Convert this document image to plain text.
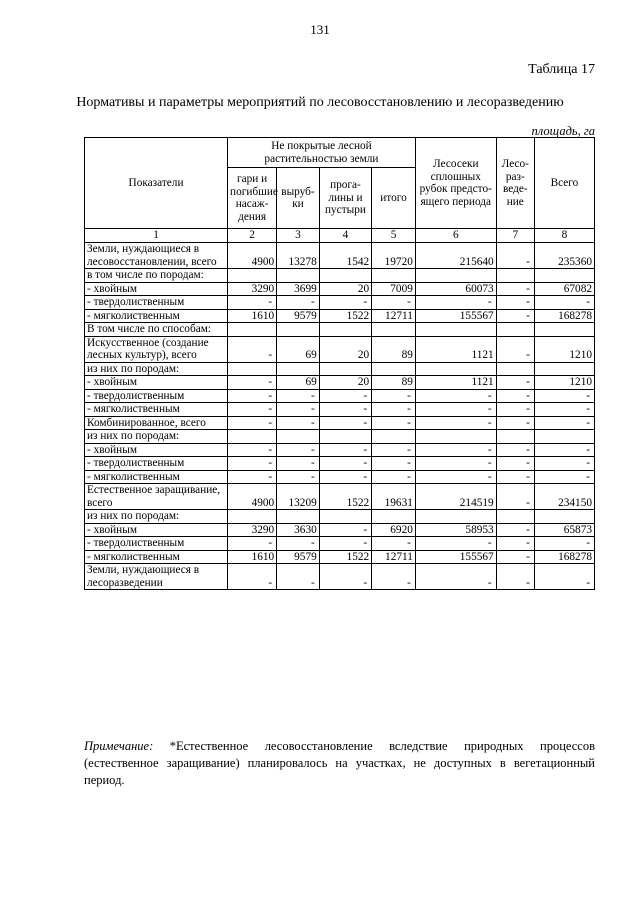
131
Таблица 17
Нормативы и параметры мероприятий по лесовосстановлению и лесоразведению
площадь, га
Показатели	Не покрытые лесной растительностью земли				Лесосеки сплошных рубок предсто-ящего периода	Лесо-раз-веде-ние	Всего
	гари и погибшие насаж-дения	выруб-ки	прога-лины и пустыри	итого			
1	2	3	4	5	6	7	8
Земли, нуждающиеся в лесовосстановлении, всего	4900	13278	1542	19720	215640	-	235360
в том числе по породам:							
- хвойным	3290	3699	20	7009	60073	-	67082
- твердолиственным	-	-	-	-	-	-	-
- мягколиственным	1610	9579	1522	12711	155567	-	168278
В том числе по способам:							
Искусственное (создание лесных культур), всего	-	69	20	89	1121	-	1210
из них по породам:							
- хвойным	-	69	20	89	1121	-	1210
- твердолиственным	-	-	-	-	-	-	-
- мягколиственным	-	-	-	-	-	-	-
Комбинированное, всего	-	-	-	-	-	-	-
из них по породам:							
- хвойным	-	-	-	-	-	-	-
- твердолиственным	-	-	-	-	-	-	-
- мягколиственным	-	-	-	-	-	-	-
Естественное заращивание, всего	4900	13209	1522	19631	214519	-	234150
из них по породам:							
- хвойным	3290	3630	-	6920	58953	-	65873
- твердолиственным	-	-	-	-	-	-	-
- мягколиственным	1610	9579	1522	12711	155567	-	168278
Земли, нуждающиеся в лесоразведении	-	-	-	-	-	-	-
Примечание: *Естественное лесовосстановление вследствие природных процессов (естественное заращивание) планировалось на участках, не доступных в вегетационный период.
